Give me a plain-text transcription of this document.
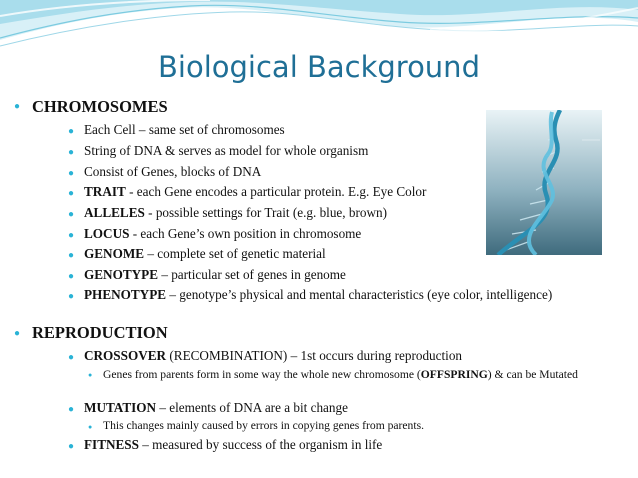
Biological Background
● CHROMOSOMES
● Each Cell – same set of chromosomes
● String of DNA & serves as model for whole organism
● Consist of Genes, blocks of DNA
● TRAIT - each Gene encodes a particular protein. E.g. Eye Color
● ALLELES - possible settings for Trait (e.g. blue, brown)
● LOCUS - each Gene’s own position in chromosome
● GENOME – complete set of genetic material
● GENOTYPE – particular set of genes in genome
● PHENOTYPE – genotype’s physical and mental characteristics (eye color, intelligence)
● REPRODUCTION
● CROSSOVER (RECOMBINATION) – 1st occurs during reproduction
● Genes from parents form in some way the whole new chromosome (OFFSPRING) & can be Mutated
● MUTATION – elements of DNA are a bit change
● This changes mainly caused by errors in copying genes from parents.
● FITNESS – measured by success of the organism in life
